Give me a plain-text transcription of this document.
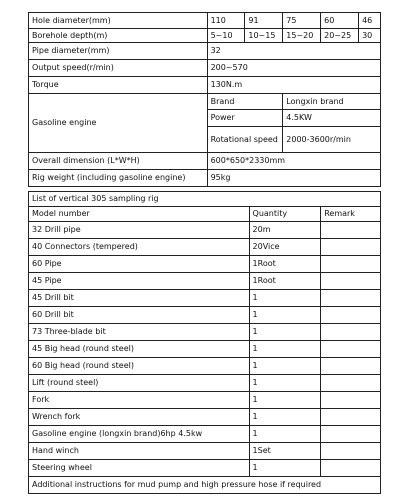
Hole diameter(mm)	110	91	75	60	46
Borehole depth(m)	5~10	10~15	15~20	20~25	30
Pipe diameter(mm)	32				
Output speed(r/min)	200~570				
Torque	130N.m				
Gasoline engine	Brand		Longxin brand		
	Power		4.5KW		
	Rotational speed		2000-3600r/min		
Overall dimension (L*W*H)	600*650*2330mm				
Rig weight (including gasoline engine)	95kg				
List of vertical 305 sampling rig		
Model number	Quantity	Remark
32 Drill pipe	20m	
40 Connectors (tempered)	20Vice	
60 Pipe	1Root	
45 Pipe	1Root	
45 Drill bit	1	
60 Drill bit	1	
73 Three-blade bit	1	
45 Big head (round steel)	1	
60 Big head (round steel)	1	
Lift (round steel)	1	
Fork	1	
Wrench fork	1	
Gasoline engine (longxin brand)6hp 4.5kw	1	
Hand winch	1Set	
Steering wheel	1	
Additional instructions for mud pump and high pressure hose if required		
